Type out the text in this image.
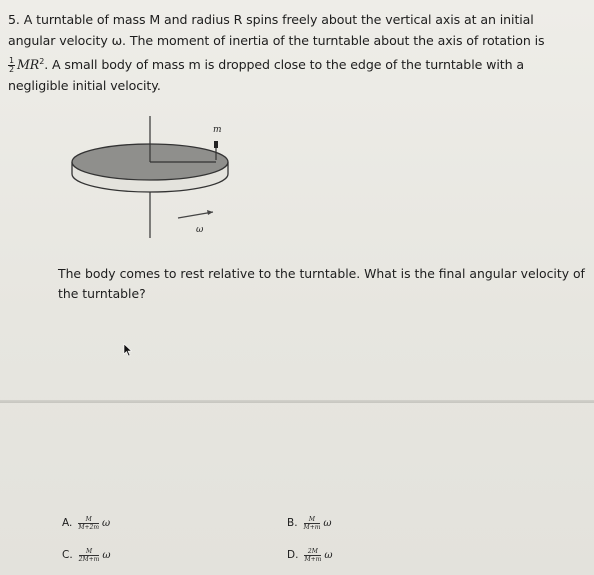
5. A turntable of mass M and radius R spins freely about the vertical axis at an initial
angular velocity ω. The moment of inertia of the turntable about the axis of rotation is
$\frac{1}{2} MR^2$. A small body of mass m is dropped close to the edge of the turntable with a
negligible initial velocity.
m
ω
The body comes to rest relative to the turntable. What is the final angular velocity of
the turntable?
A. $\frac{M}{M+2m}$ ω	B. $\frac{M}{M+m}$ ω
C. $\frac{M}{2M+m}$ ω	D. $\frac{2M}{M+m}$ ω
